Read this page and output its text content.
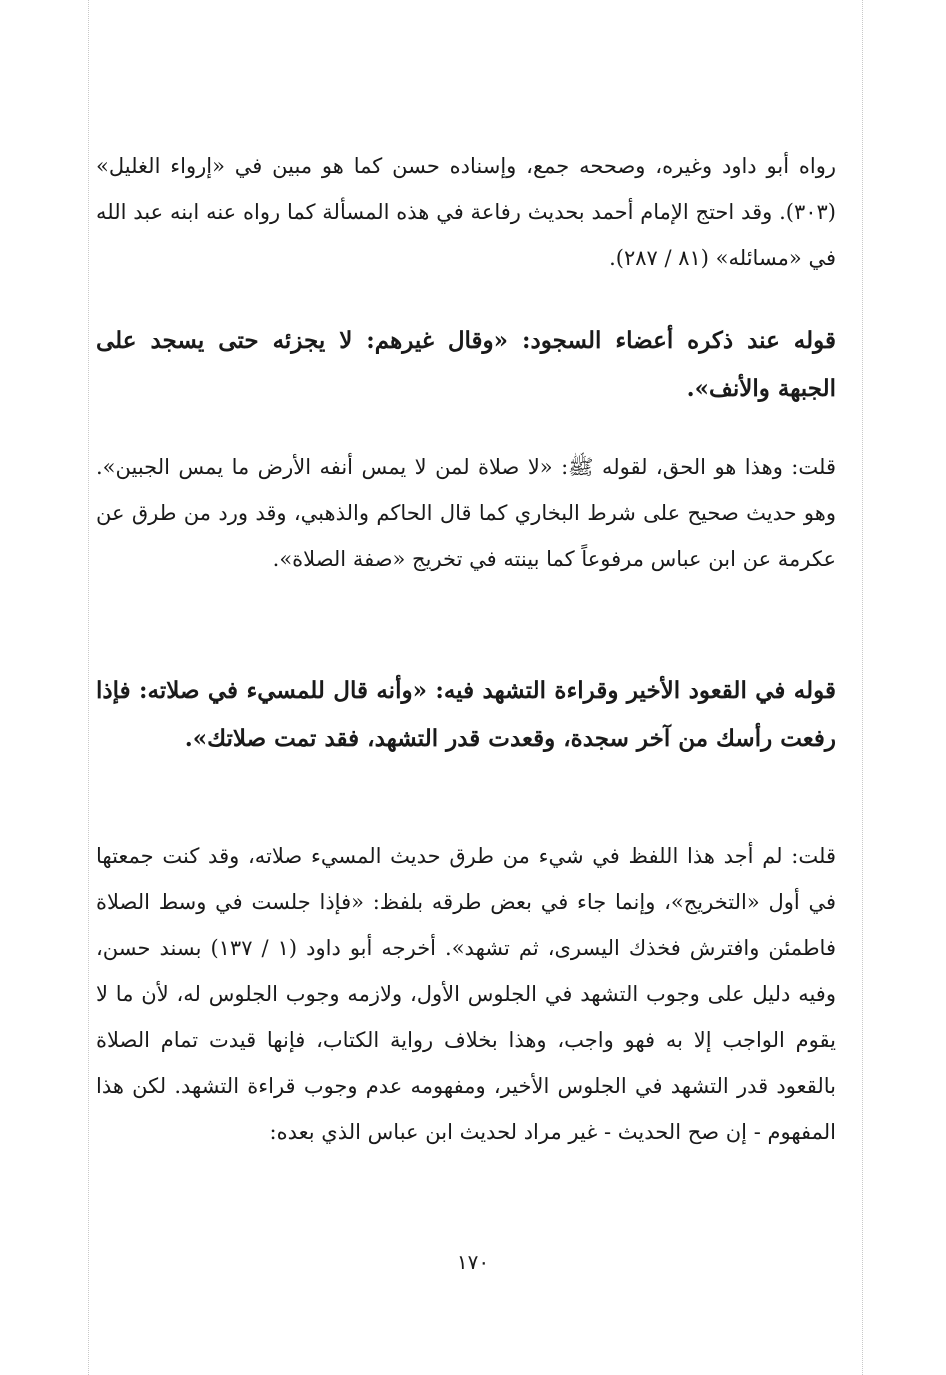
رواه أبو داود وغيره، وصححه جمع، وإسناده حسن كما هو مبين في «إرواء الغليل» (٣٠٣). وقد احتج الإمام أحمد بحديث رفاعة في هذه المسألة كما رواه عنه ابنه عبد الله في «مسائله» (٨١ / ٢٨٧).

قوله عند ذكره أعضاء السجود: «وقال غيرهم: لا يجزئه حتى يسجد على الجبهة والأنف».

قلت: وهذا هو الحق، لقوله ﷺ: «لا صلاة لمن لا يمس أنفه الأرض ما يمس الجبين». وهو حديث صحيح على شرط البخاري كما قال الحاكم والذهبي، وقد ورد من طرق عن عكرمة عن ابن عباس مرفوعاً كما بينته في تخريج «صفة الصلاة».

قوله في القعود الأخير وقراءة التشهد فيه: «وأنه قال للمسيء في صلاته: فإذا رفعت رأسك من آخر سجدة، وقعدت قدر التشهد، فقد تمت صلاتك».

قلت: لم أجد هذا اللفظ في شيء من طرق حديث المسيء صلاته، وقد كنت جمعتها في أول «التخريج»، وإنما جاء في بعض طرقه بلفظ: «فإذا جلست في وسط الصلاة فاطمئن وافترش فخذك اليسرى، ثم تشهد». أخرجه أبو داود (١ / ١٣٧) بسند حسن، وفيه دليل على وجوب التشهد في الجلوس الأول، ولازمه وجوب الجلوس له، لأن ما لا يقوم الواجب إلا به فهو واجب، وهذا بخلاف رواية الكتاب، فإنها قيدت تمام الصلاة بالقعود قدر التشهد في الجلوس الأخير، ومفهومه عدم وجوب قراءة التشهد. لكن هذا المفهوم - إن صح الحديث - غير مراد لحديث ابن عباس الذي بعده:

١٧٠
